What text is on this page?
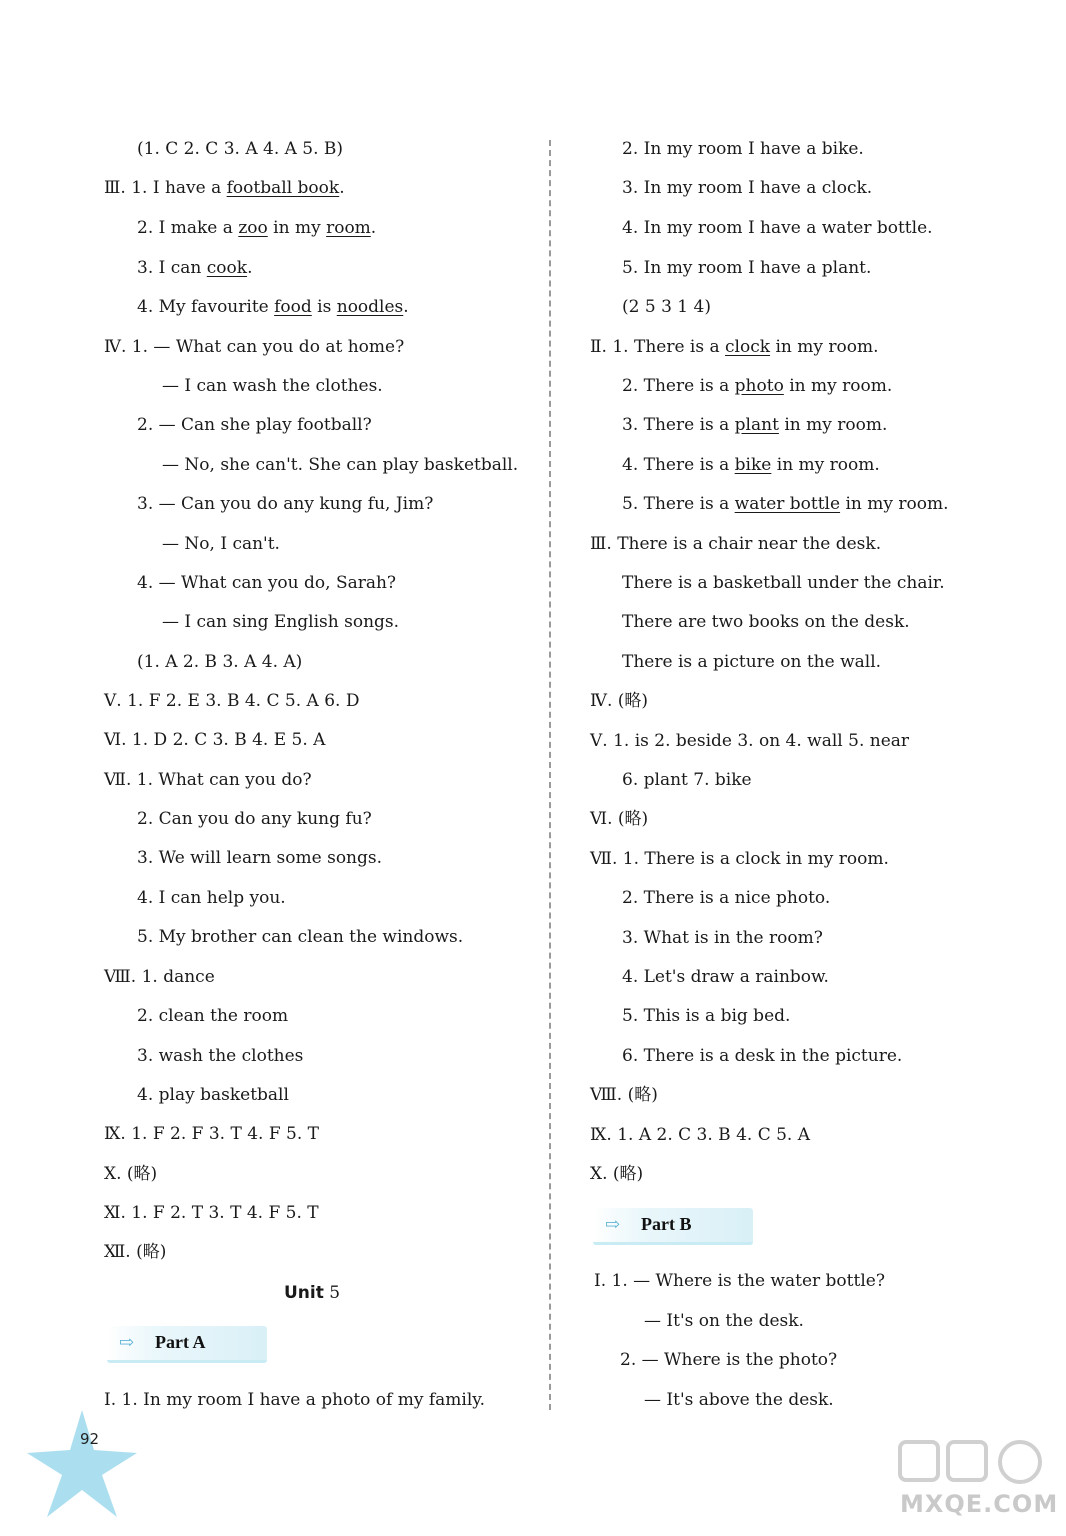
(1. C 2. C 3. A 4. A 5. B)
Ⅲ. 1. I have a football book.
2. I make a zoo in my room.
3. I can cook.
4. My favourite food is noodles.
Ⅳ. 1. — What can you do at home?
— I can wash the clothes.
2. — Can she play football?
— No, she can't. She can play basketball.
3. — Can you do any kung fu, Jim?
— No, I can't.
4. — What can you do, Sarah?
— I can sing English songs.
(1. A 2. B 3. A 4. A)
Ⅴ. 1. F 2. E 3. B 4. C 5. A 6. D
Ⅵ. 1. D 2. C 3. B 4. E 5. A
Ⅶ. 1. What can you do?
2. Can you do any kung fu?
3. We will learn some songs.
4. I can help you.
5. My brother can clean the windows.
Ⅷ. 1. dance
2. clean the room
3. wash the clothes
4. play basketball
Ⅸ. 1. F 2. F 3. T 4. F 5. T
Ⅹ. (略)
Ⅺ. 1. F 2. T 3. T 4. F 5. T
Ⅻ. (略)
Unit 5
⇨ Part A
Ⅰ. 1. In my room I have a photo of my family.
2. In my room I have a bike.
3. In my room I have a clock.
4. In my room I have a water bottle.
5. In my room I have a plant.
(2 5 3 1 4)
Ⅱ. 1. There is a clock in my room.
2. There is a photo in my room.
3. There is a plant in my room.
4. There is a bike in my room.
5. There is a water bottle in my room.
Ⅲ. There is a chair near the desk.
There is a basketball under the chair.
There are two books on the desk.
There is a picture on the wall.
Ⅳ. (略)
Ⅴ. 1. is 2. beside 3. on 4. wall 5. near
6. plant 7. bike
Ⅵ. (略)
Ⅶ. 1. There is a clock in my room.
2. There is a nice photo.
3. What is in the room?
4. Let's draw a rainbow.
5. This is a big bed.
6. There is a desk in the picture.
Ⅷ. (略)
Ⅸ. 1. A 2. C 3. B 4. C 5. A
Ⅹ. (略)
⇨ Part B
Ⅰ. 1. — Where is the water bottle?
— It's on the desk.
2. — Where is the photo?
— It's above the desk.
92
MXQE.COM
